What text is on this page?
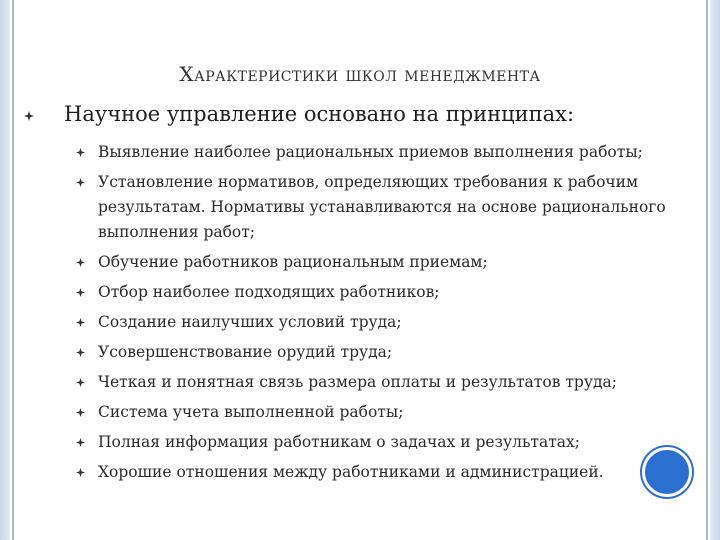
Характеристики школ менеджмента
Научное управление основано на принципах:
Выявление наиболее рациональных приемов выполнения работы;
Установление нормативов, определяющих требования к рабочим результатам. Нормативы устанавливаются на основе рационального выполнения работ;
Обучение работников рациональным приемам;
Отбор наиболее подходящих работников;
Создание наилучших условий труда;
Усовершенствование орудий труда;
Четкая и понятная связь размера оплаты и результатов труда;
Система учета выполненной работы;
Полная информация работникам о задачах и результатах;
Хорошие отношения между работниками и администрацией.
